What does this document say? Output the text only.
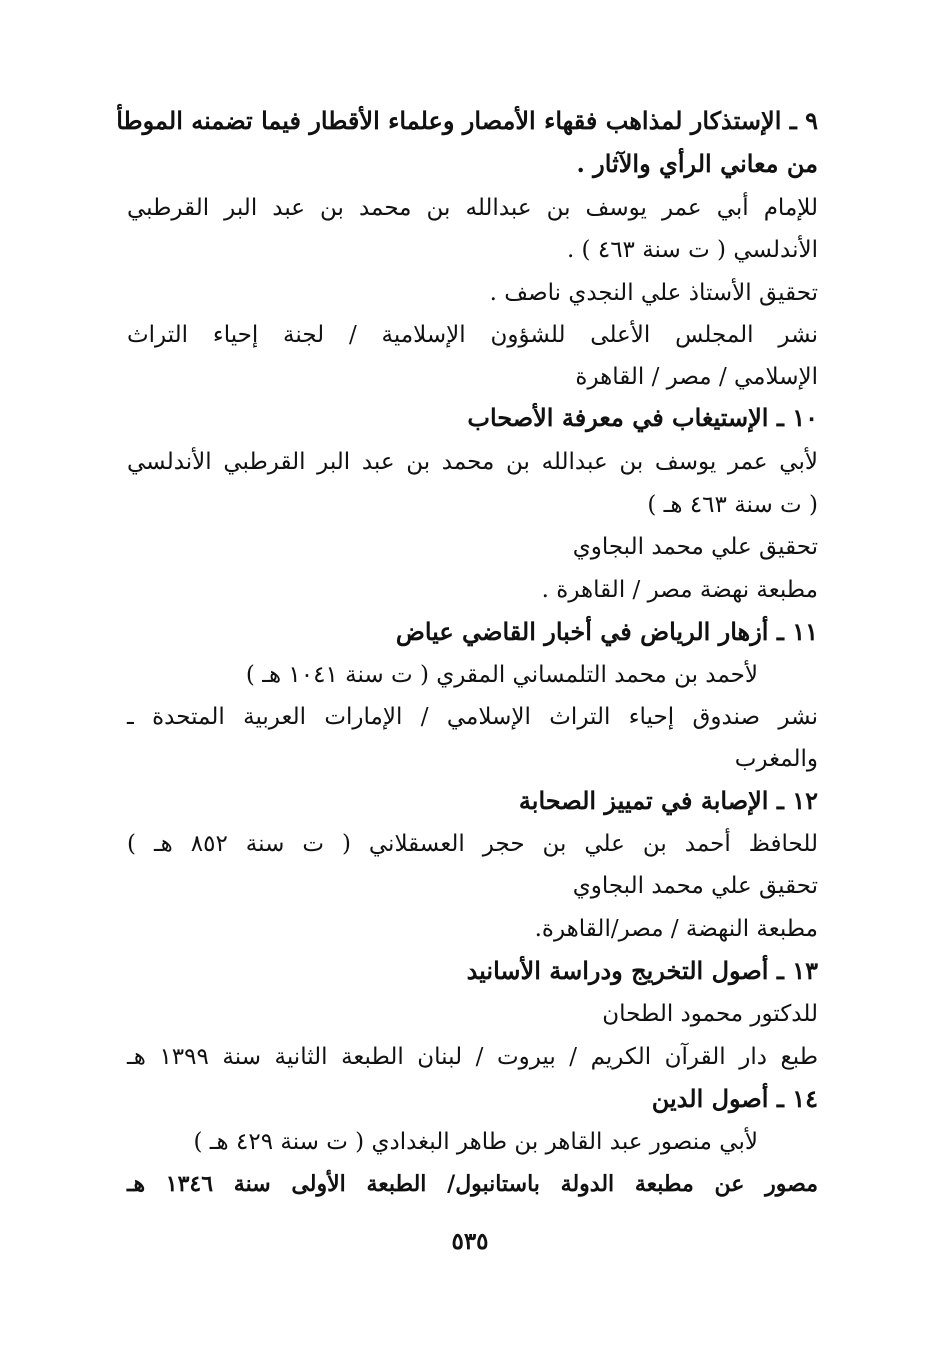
٩ ـ الإستذكار لمذاهب فقهاء الأمصار وعلماء الأقطار فيما تضمنه الموطأ
من معاني الرأي والآثار .
للإمام أبي عمر يوسف بن عبدالله بن محمد بن عبد البر القرطبي
الأندلسي ( ت سنة ٤٦٣ ) .
تحقيق الأستاذ علي النجدي ناصف .
نشر المجلس الأعلى للشؤون الإسلامية / لجنة إحياء التراث
الإسلامي / مصر / القاهرة
١٠ ـ الإستيغاب في معرفة الأصحاب
لأبي عمر يوسف بن عبدالله بن محمد بن عبد البر القرطبي الأندلسي
( ت سنة ٤٦٣ هـ )
تحقيق علي محمد البجاوي
مطبعة نهضة مصر / القاهرة .
١١ ـ أزهار الرياض في أخبار القاضي عياض
لأحمد بن محمد التلمساني المقري ( ت سنة ١٠٤١ هـ )
نشر صندوق إحياء التراث الإسلامي / الإمارات العربية المتحدة ـ
والمغرب
١٢ ـ الإصابة في تمييز الصحابة
للحافظ أحمد بن علي بن حجر العسقلاني ( ت سنة ٨٥٢ هـ )
تحقيق علي محمد البجاوي
مطبعة النهضة / مصر/القاهرة.
١٣ ـ أصول التخريج ودراسة الأسانيد
للدكتور محمود الطحان
طبع دار القرآن الكريم / بيروت / لبنان الطبعة الثانية سنة ١٣٩٩ هـ
١٤ ـ أصول الدين
لأبي منصور عبد القاهر بن طاهر البغدادي ( ت سنة ٤٢٩ هـ )
مصور عن مطبعة الدولة باستانبول/ الطبعة الأولى سنة ١٣٤٦ هـ
٥٣٥
